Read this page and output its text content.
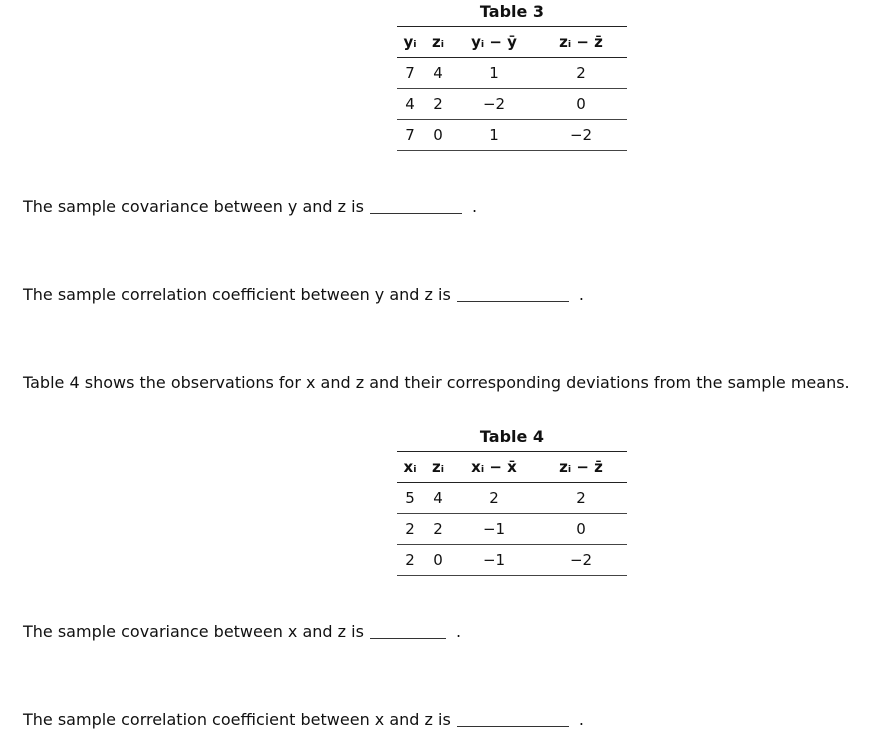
Table 3
yᵢ	zᵢ	yᵢ − ȳ	zᵢ − z̄
7	4	1	2
4	2	−2	0
7	0	1	−2
The sample covariance between y and z is	.
The sample correlation coefficient between y and z is	.
Table 4 shows the observations for x and z and their corresponding deviations from the sample means.
Table 4
xᵢ	zᵢ	xᵢ − x̄	zᵢ − z̄
5	4	2	2
2	2	−1	0
2	0	−1	−2
The sample covariance between x and z is	.
The sample correlation coefficient between x and z is	.
